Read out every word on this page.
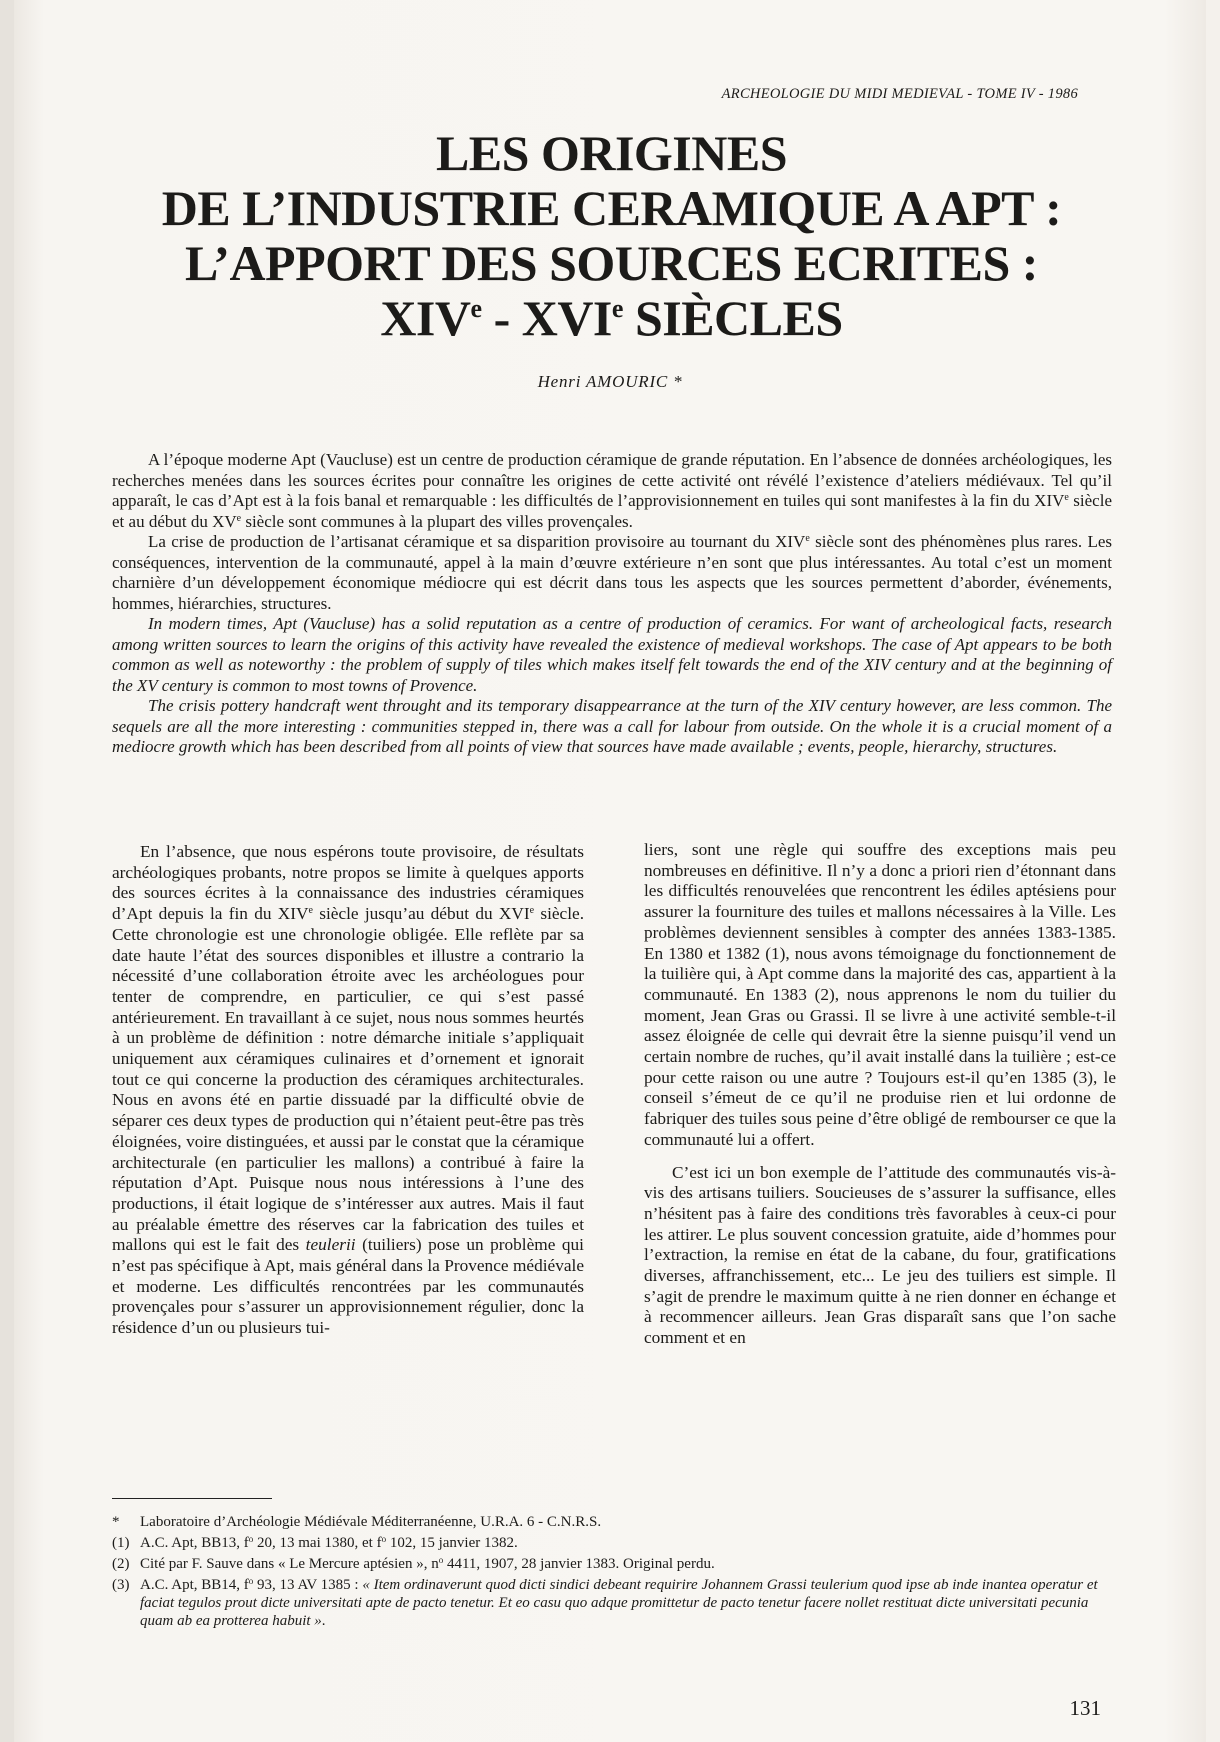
ARCHEOLOGIE DU MIDI MEDIEVAL - TOME IV - 1986
LES ORIGINES
DE L’INDUSTRIE CERAMIQUE A APT :
L’APPORT DES SOURCES ECRITES :
XIVe - XVIe SIÈCLES
Henri AMOURIC *

A l’époque moderne Apt (Vaucluse) est un centre de production céramique de grande réputation. En l’absence de données archéologiques, les recherches menées dans les sources écrites pour connaître les origines de cette activité ont révélé l’existence d’ateliers médiévaux. Tel qu’il apparaît, le cas d’Apt est à la fois banal et remarquable : les difficultés de l’approvisionnement en tuiles qui sont manifestes à la fin du XIVe siècle et au début du XVe siècle sont communes à la plupart des villes provençales.

La crise de production de l’artisanat céramique et sa disparition provisoire au tournant du XIVe siècle sont des phénomènes plus rares. Les conséquences, intervention de la communauté, appel à la main d’œuvre extérieure n’en sont que plus intéressantes. Au total c’est un moment charnière d’un développement économique médiocre qui est décrit dans tous les aspects que les sources permettent d’aborder, événements, hommes, hiérarchies, structures.

In modern times, Apt (Vaucluse) has a solid reputation as a centre of production of ceramics. For want of archeological facts, research among written sources to learn the origins of this activity have revealed the existence of medieval workshops. The case of Apt appears to be both common as well as noteworthy : the problem of supply of tiles which makes itself felt towards the end of the XIV century and at the beginning of the XV century is common to most towns of Provence.

The crisis pottery handcraft went throught and its temporary disappearrance at the turn of the XIV century however, are less common. The sequels are all the more interesting : communities stepped in, there was a call for labour from outside. On the whole it is a crucial moment of a mediocre growth which has been described from all points of view that sources have made available ; events, people, hierarchy, structures.

En l’absence, que nous espérons toute provisoire, de résultats archéologiques probants, notre propos se limite à quelques apports des sources écrites à la connaissance des industries céramiques d’Apt depuis la fin du XIVe siècle jusqu’au début du XVIe siècle. Cette chronologie est une chronologie obligée. Elle reflète par sa date haute l’état des sources disponibles et illustre a contrario la nécessité d’une collaboration étroite avec les archéologues pour tenter de comprendre, en particulier, ce qui s’est passé antérieurement. En travaillant à ce sujet, nous nous sommes heurtés à un problème de définition : notre démarche initiale s’appliquait uniquement aux céramiques culinaires et d’ornement et ignorait tout ce qui concerne la production des céramiques architecturales. Nous en avons été en partie dissuadé par la difficulté obvie de séparer ces deux types de production qui n’étaient peut-être pas très éloignées, voire distinguées, et aussi par le constat que la céramique architecturale (en particulier les mallons) a contribué à faire la réputation d’Apt. Puisque nous nous intéressions à l’une des productions, il était logique de s’intéresser aux autres. Mais il faut au préalable émettre des réserves car la fabrication des tuiles et mallons qui est le fait des teulerii (tuiliers) pose un problème qui n’est pas spécifique à Apt, mais général dans la Provence médiévale et moderne. Les difficultés rencontrées par les communautés provençales pour s’assurer un approvisionnement régulier, donc la résidence d’un ou plusieurs tui-

liers, sont une règle qui souffre des exceptions mais peu nombreuses en définitive. Il n’y a donc a priori rien d’étonnant dans les difficultés renouvelées que rencontrent les édiles aptésiens pour assurer la fourniture des tuiles et mallons nécessaires à la Ville. Les problèmes deviennent sensibles à compter des années 1383-1385. En 1380 et 1382 (1), nous avons témoignage du fonctionnement de la tuilière qui, à Apt comme dans la majorité des cas, appartient à la communauté. En 1383 (2), nous apprenons le nom du tuilier du moment, Jean Gras ou Grassi. Il se livre à une activité semble-t-il assez éloignée de celle qui devrait être la sienne puisqu’il vend un certain nombre de ruches, qu’il avait installé dans la tuilière ; est-ce pour cette raison ou une autre ? Toujours est-il qu’en 1385 (3), le conseil s’émeut de ce qu’il ne produise rien et lui ordonne de fabriquer des tuiles sous peine d’être obligé de rembourser ce que la communauté lui a offert.

C’est ici un bon exemple de l’attitude des communautés vis-à-vis des artisans tuiliers. Soucieuses de s’assurer la suffisance, elles n’hésitent pas à faire des conditions très favorables à ceux-ci pour les attirer. Le plus souvent concession gratuite, aide d’hommes pour l’extraction, la remise en état de la cabane, du four, gratifications diverses, affranchissement, etc... Le jeu des tuiliers est simple. Il s’agit de prendre le maximum quitte à ne rien donner en échange et à recommencer ailleurs. Jean Gras disparaît sans que l’on sache comment et en

*	Laboratoire d’Archéologie Médiévale Méditerranéenne, U.R.A. 6 - C.N.R.S.
(1) A.C. Apt, BB13, $f^o$ 20, 13 mai 1380, et $f^o$ 102, 15 janvier 1382.
(2) Cité par F. Sauve dans « Le Mercure aptésien », $n^o$ 4411, 1907, 28 janvier 1383. Original perdu.
(3) A.C. Apt, BB14, $f^o$ 93, 13 AV 1385 : « Item ordinaverunt quod dicti sindici debeant requirire Johannem Grassi teulerium quod ipse ab inde inantea operatur et faciat tegulos prout dicte universitati apte de pacto tenetur. Et eo casu quo adque promittetur de pacto tenetur facere nollet restituat dicte universitati pecunia quam ab ea protterea habuit ».
131
